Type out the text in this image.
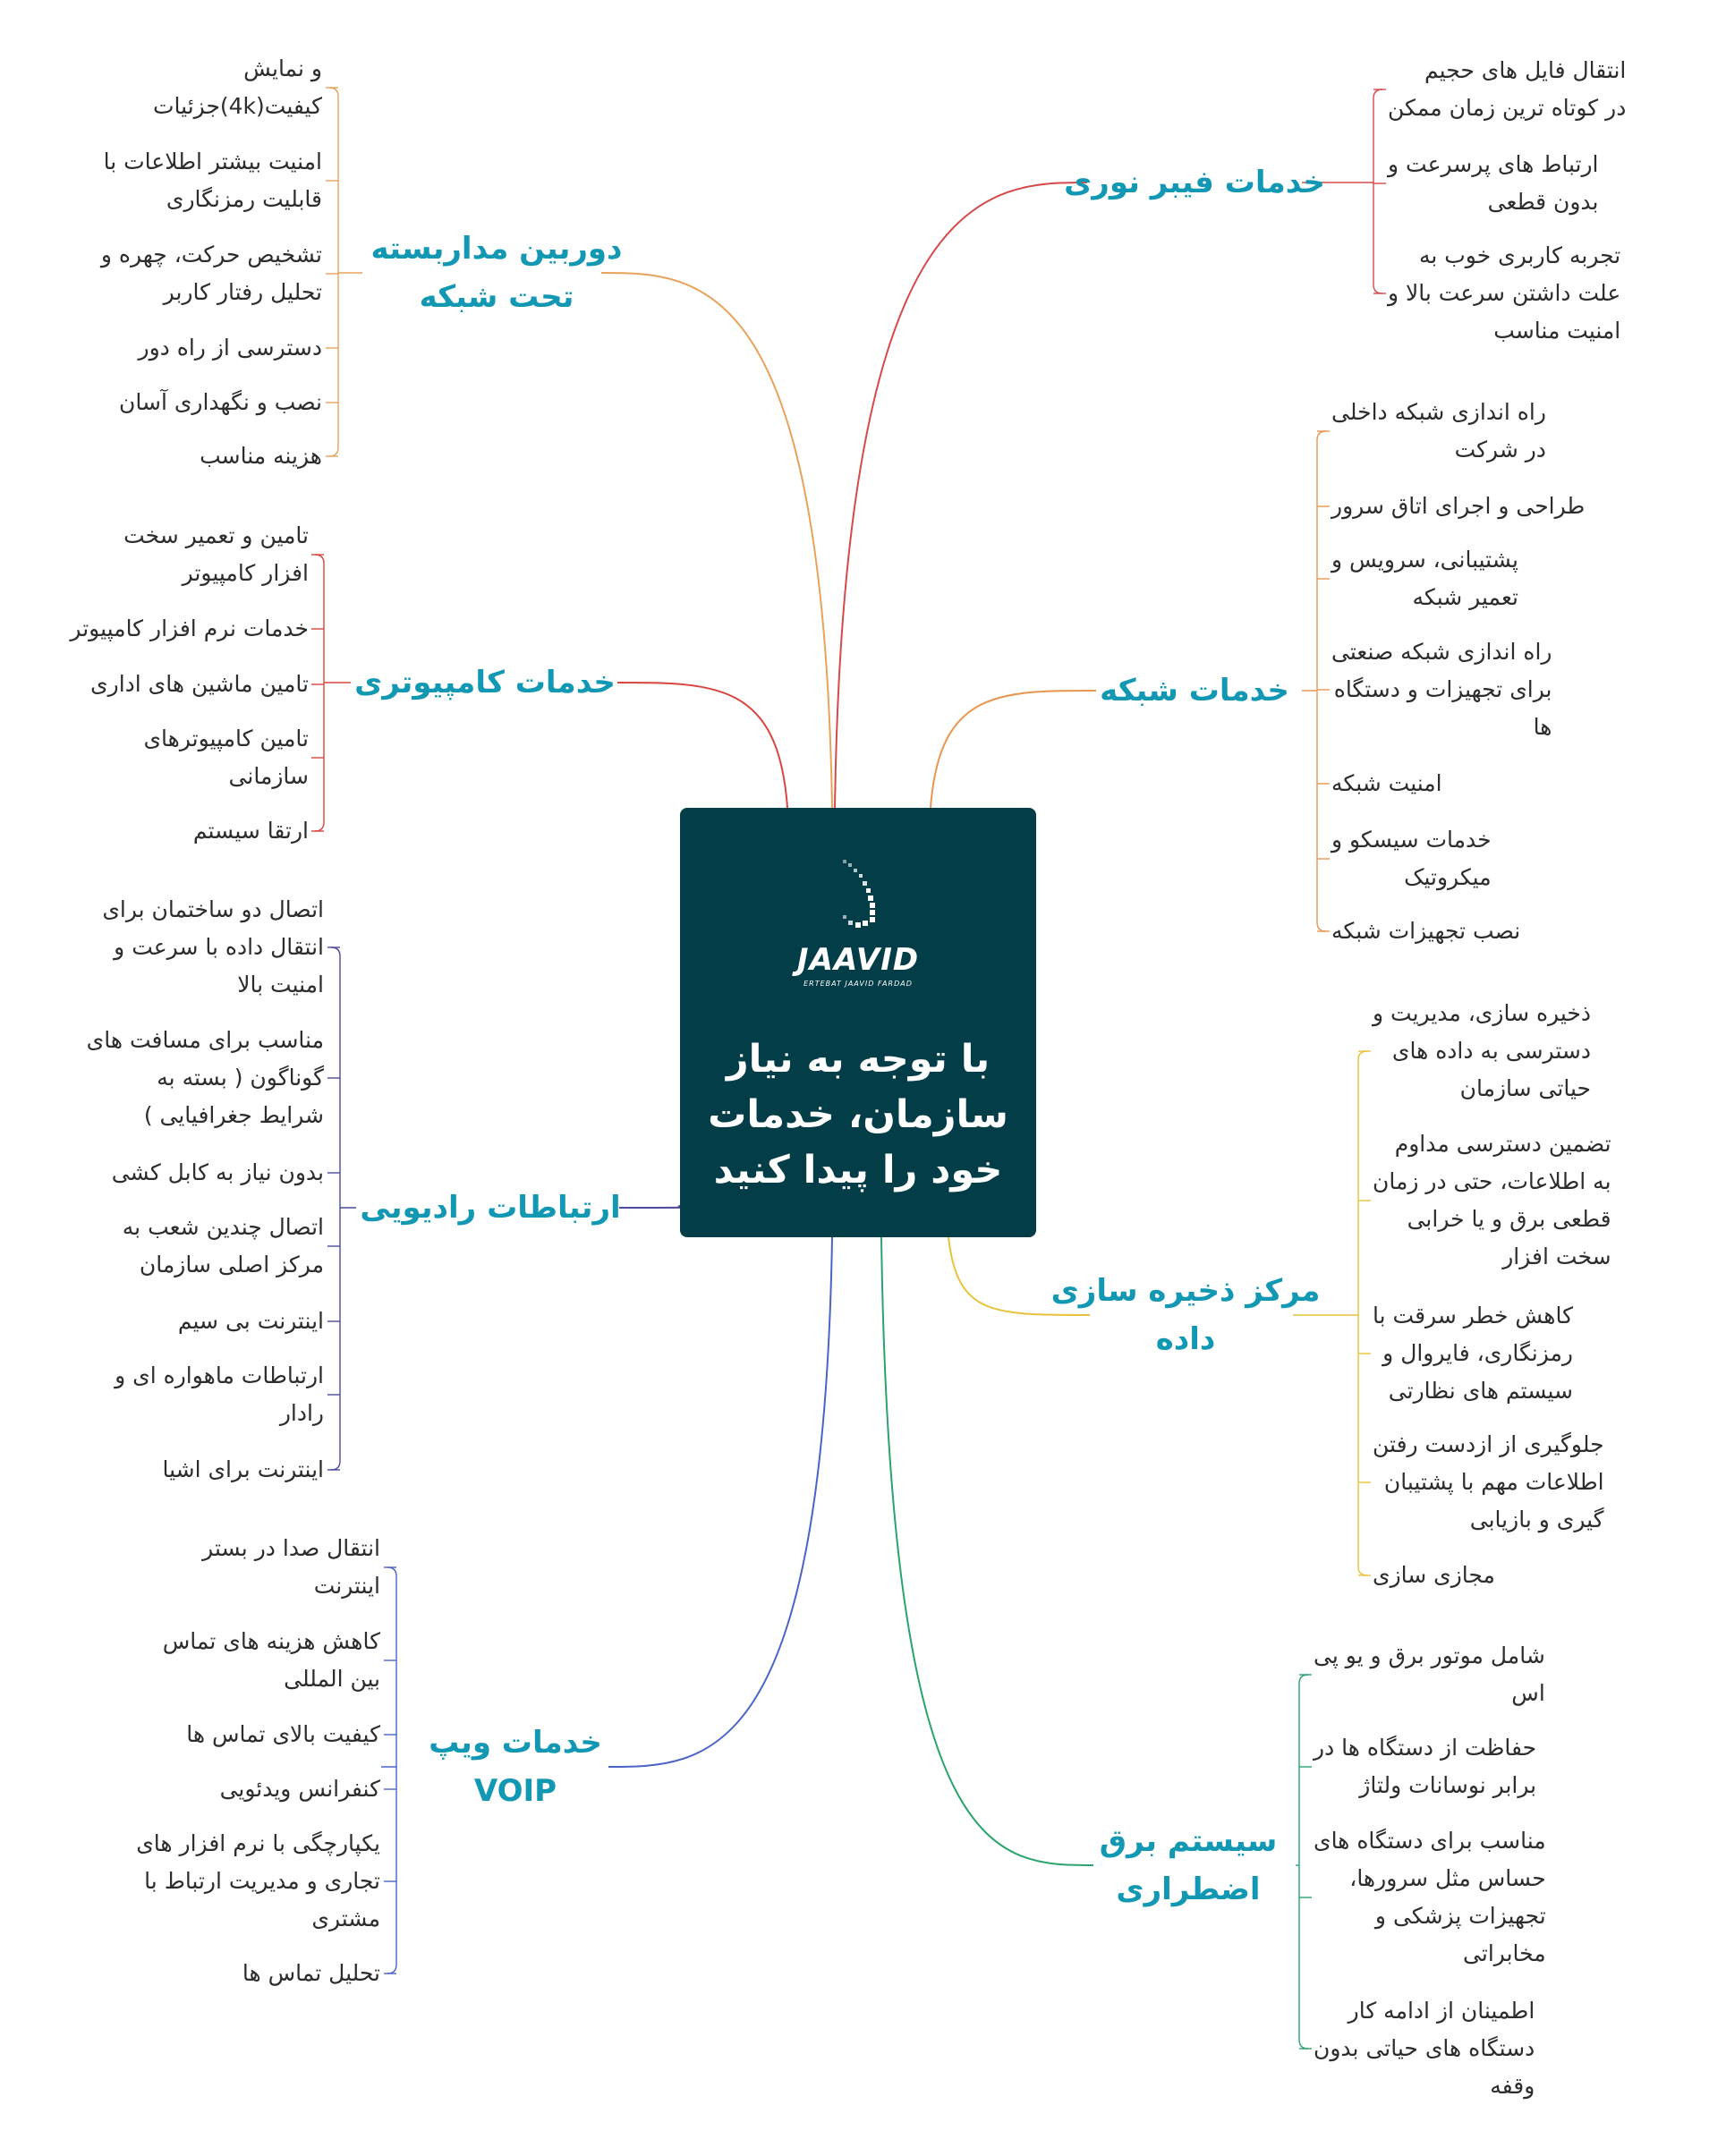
JAAVID
ERTEBAT JAAVID FARDAD
با توجه به نیاز
سازمان، خدمات
خود را پیدا کنید
خدمات فیبر نوری
انتقال فایل های حجیم
در کوتاه ترین زمان ممکن
ارتباط های پرسرعت و
بدون قطعی
تجربه کاربری خوب به
علت داشتن سرعت بالا و
امنیت مناسب
خدمات شبکه
راه اندازی شبکه داخلی
در شرکت
طراحی و اجرای اتاق سرور
پشتیبانی، سرویس و
تعمیر شبکه
راه اندازی شبکه صنعتی
برای تجهیزات و دستگاه
ها
امنیت شبکه
خدمات سیسکو و
میکروتیک
نصب تجهیزات شبکه
مرکز ذخیره سازی
داده
ذخیره سازی، مدیریت و
دسترسی به داده های
حیاتی سازمان
تضمین دسترسی مداوم
به اطلاعات، حتی در زمان
قطعی برق و یا خرابی
سخت افزار
کاهش خطر سرقت با
رمزنگاری، فایروال و
سیستم های نظارتی
جلوگیری از ازدست رفتن
اطلاعات مهم با پشتیبان
گیری و بازیابی
مجازی سازی
سیستم برق
اضطراری
شامل موتور برق و یو پی
اس
حفاظت از دستگاه ها در
برابر نوسانات ولتاژ
مناسب برای دستگاه های
حساس مثل سرورها،
تجهیزات پزشکی و
مخابراتی
اطمینان از ادامه کار
دستگاه های حیاتی بدون
وقفه
دوربین مداربسته
تحت شبکه
و نمایش
کیفیت(4k)جزئیات
امنیت بیشتر اطلاعات با
قابلیت رمزنگاری
تشخیص حرکت، چهره و
تحلیل رفتار کاربر
دسترسی از راه دور
نصب و نگهداری آسان
هزینه مناسب
خدمات کامپیوتری
تامین و تعمیر سخت
افزار کامپیوتر
خدمات نرم افزار کامپیوتر
تامین ماشین های اداری
تامین کامپیوترهای
سازمانی
ارتقا سیستم
ارتباطات رادیویی
اتصال دو ساختمان برای
انتقال داده با سرعت و
امنیت بالا
مناسب برای مسافت های
گوناگون ( بسته به
شرایط جغرافیایی )
بدون نیاز به کابل کشی
اتصال چندین شعب به
مرکز اصلی سازمان
اینترنت بی سیم
ارتباطات ماهواره ای و
رادار
اینترنت برای اشیا
خدمات ویپ
VOIP
انتقال صدا در بستر
اینترنت
کاهش هزینه های تماس
بین المللی
کیفیت بالای تماس ها
کنفرانس ویدئویی
یکپارچگی با نرم افزار های
تجاری و مدیریت ارتباط با
مشتری
تحلیل تماس ها
